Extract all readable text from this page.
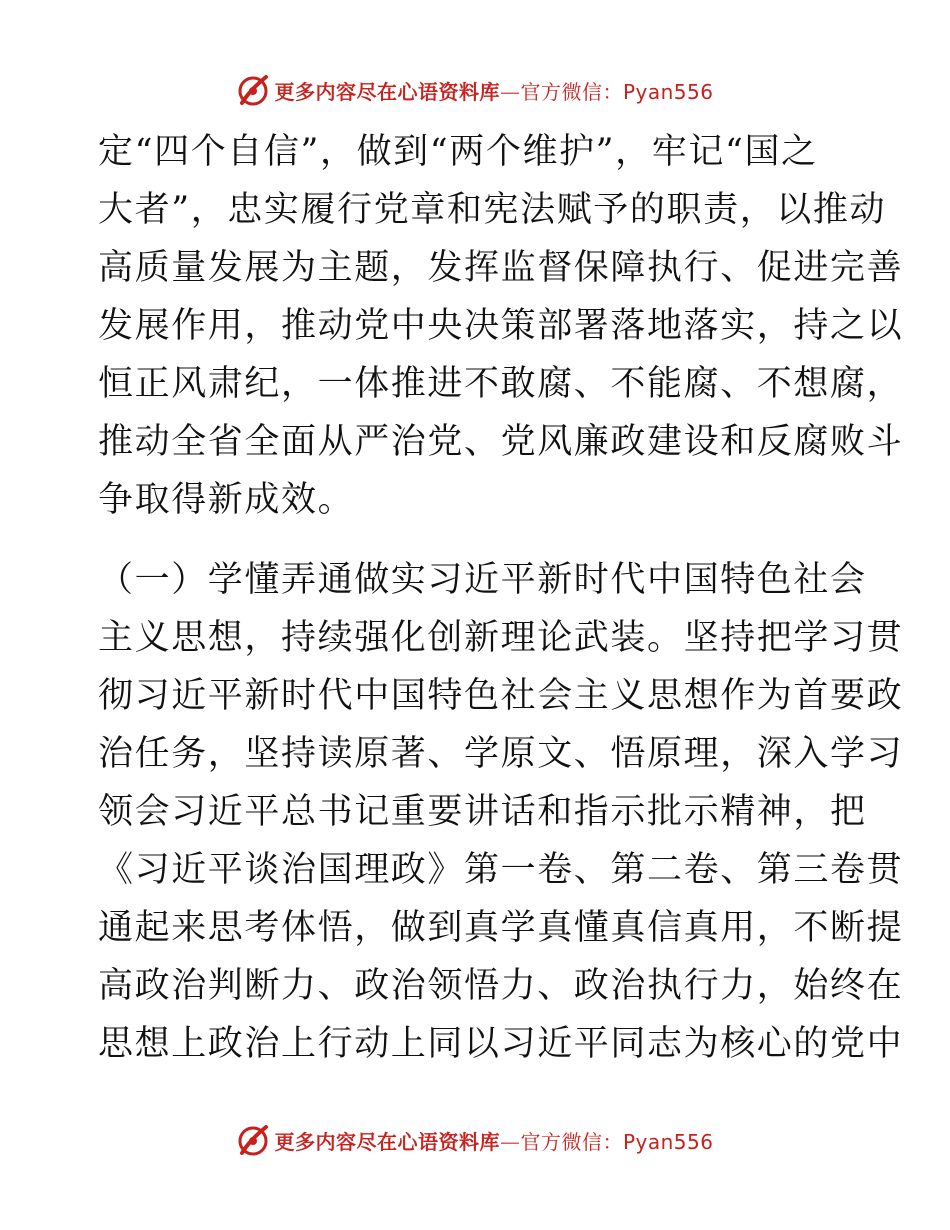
更多内容尽在心语资料库—官方微信：Pyan556
定“四个自信”，做到“两个维护”，牢记“国之
大者”，忠实履行党章和宪法赋予的职责，以推动
高质量发展为主题，发挥监督保障执行、促进完善
发展作用，推动党中央决策部署落地落实，持之以
恒正风肃纪，一体推进不敢腐、不能腐、不想腐，
推动全省全面从严治党、党风廉政建设和反腐败斗
争取得新成效。
（一）学懂弄通做实习近平新时代中国特色社会
主义思想，持续强化创新理论武装。坚持把学习贯
彻习近平新时代中国特色社会主义思想作为首要政
治任务，坚持读原著、学原文、悟原理，深入学习
领会习近平总书记重要讲话和指示批示精神，把
《习近平谈治国理政》第一卷、第二卷、第三卷贯
通起来思考体悟，做到真学真懂真信真用，不断提
高政治判断力、政治领悟力、政治执行力，始终在
思想上政治上行动上同以习近平同志为核心的党中
更多内容尽在心语资料库—官方微信：Pyan556
